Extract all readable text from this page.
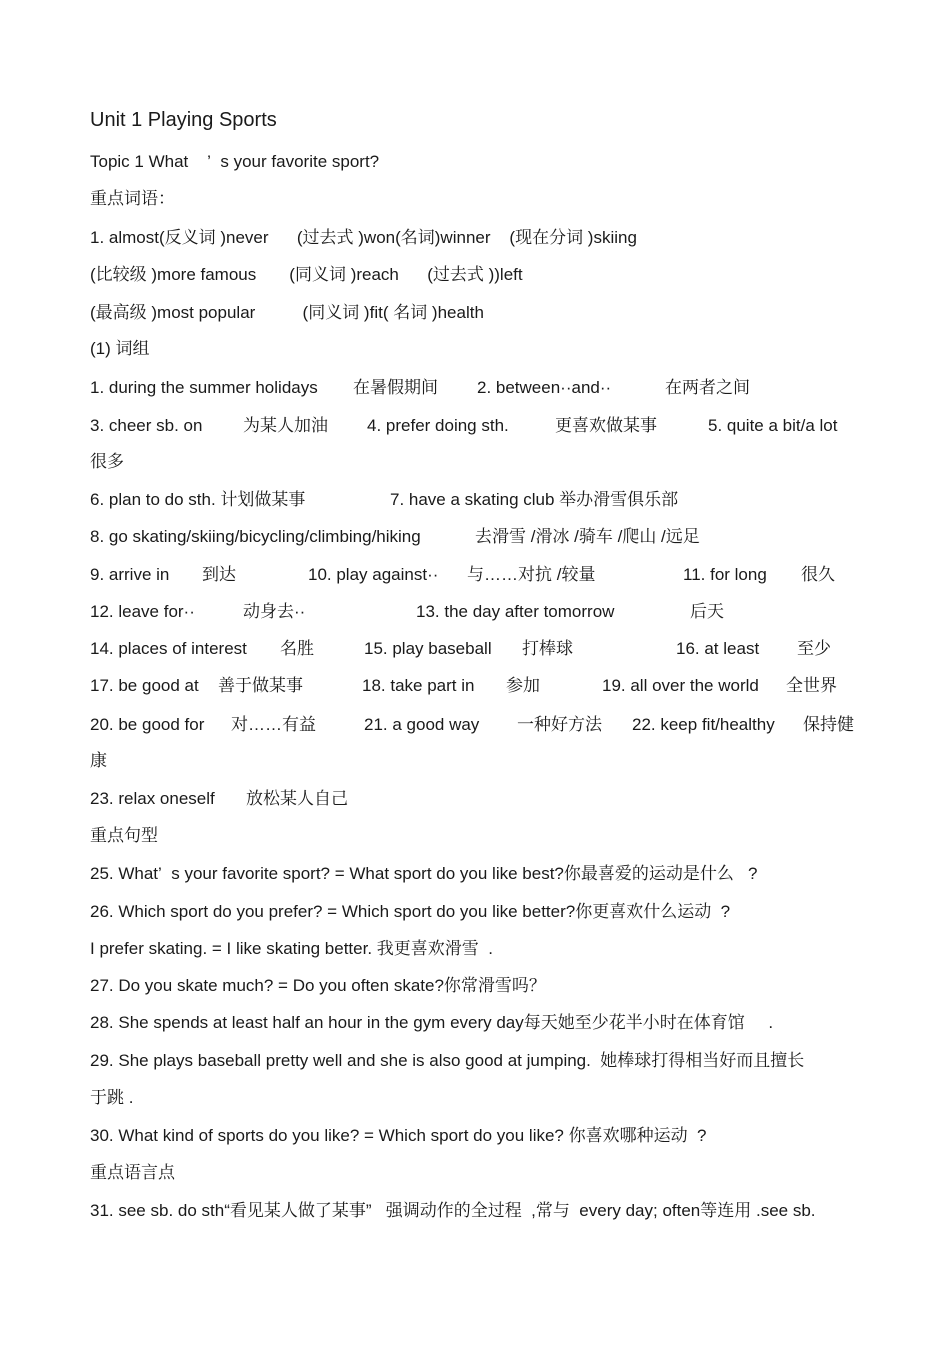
Unit 1 Playing Sports
Topic 1 What    ’  s your favorite sport?
重点词语：
1. almost(反义词 )never      (过去式 )won(名词)winner    (现在分词 )skiing
(比较级 )more famous       (同义词 )reach      (过去式 ))left
(最高级 )most popular          (同义词 )fit( 名词 )health
(1) 词组
1. during the summer holidays 在暑假期间 2. between··and··	在两者之间
3. cheer sb. on 为某人加油 4. prefer doing sth.	更喜欢做某事	5. quite a bit/a lot
很多
6. plan to do sth. 计划做某事	7. have a skating club 举办滑雪俱乐部
8. go skating/skiing/bicycling/climbing/hiking	去滑雪 /滑冰 /骑车 /爬山 /远足
9. arrive in 到达	10. play against·· 与……对抗 /较量	11. for long 很久
12. leave for··	动身去··	13. the day after tomorrow	后天
14. places of interest 名胜	15. play baseball 打棒球	16. at least 至少
17. be good at 善于做某事	18. take part in 参加	19. all over the world 全世界
20. be good for 对……有益	21. a good way 一种好方法 22. keep fit/healthy 保持健
康
23. relax oneself 放松某人自己
重点句型
25. What’  s your favorite sport? = What sport do you like best?你最喜爱的运动是什么   ?
26. Which sport do you prefer? = Which sport do you like better?你更喜欢什么运动  ?
I prefer skating. = I like skating better. 我更喜欢滑雪  .
27. Do you skate much? = Do you often skate?你常滑雪吗？
28. She spends at least half an hour in the gym every day每天她至少花半小时在体育馆     .
29. She plays baseball pretty well and she is also good at jumping.  她棒球打得相当好而且擅长
于跳 .
30. What kind of sports do you like? = Which sport do you like? 你喜欢哪种运动  ?
重点语言点
31. see sb. do sth“看见某人做了某事”   强调动作的全过程  ,常与  every day; often等连用 .see sb.
